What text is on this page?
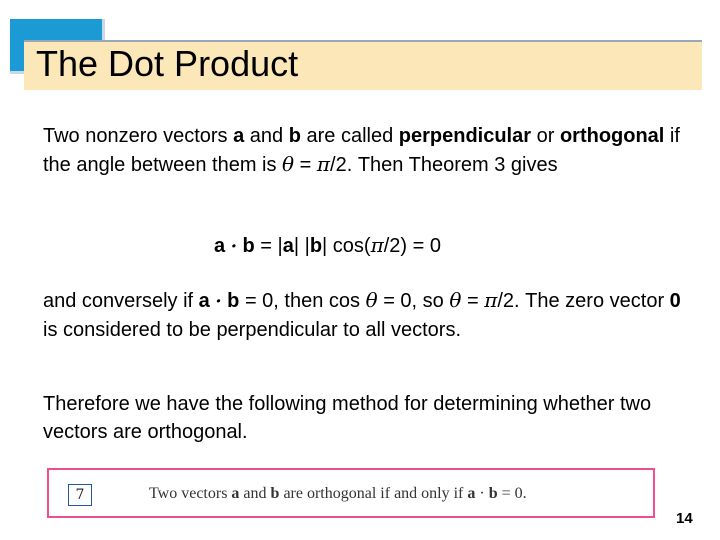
The Dot Product

Two nonzero vectors a and b are called perpendicular or orthogonal if the angle between them is θ = π/2. Then Theorem 3 gives

a · b = |a| |b| cos(π/2) = 0

and conversely if a · b = 0, then cos θ = 0, so θ = π/2. The zero vector 0 is considered to be perpendicular to all vectors.

Therefore we have the following method for determining whether two vectors are orthogonal.

7	Two vectors a and b are orthogonal if and only if a · b = 0.
14
